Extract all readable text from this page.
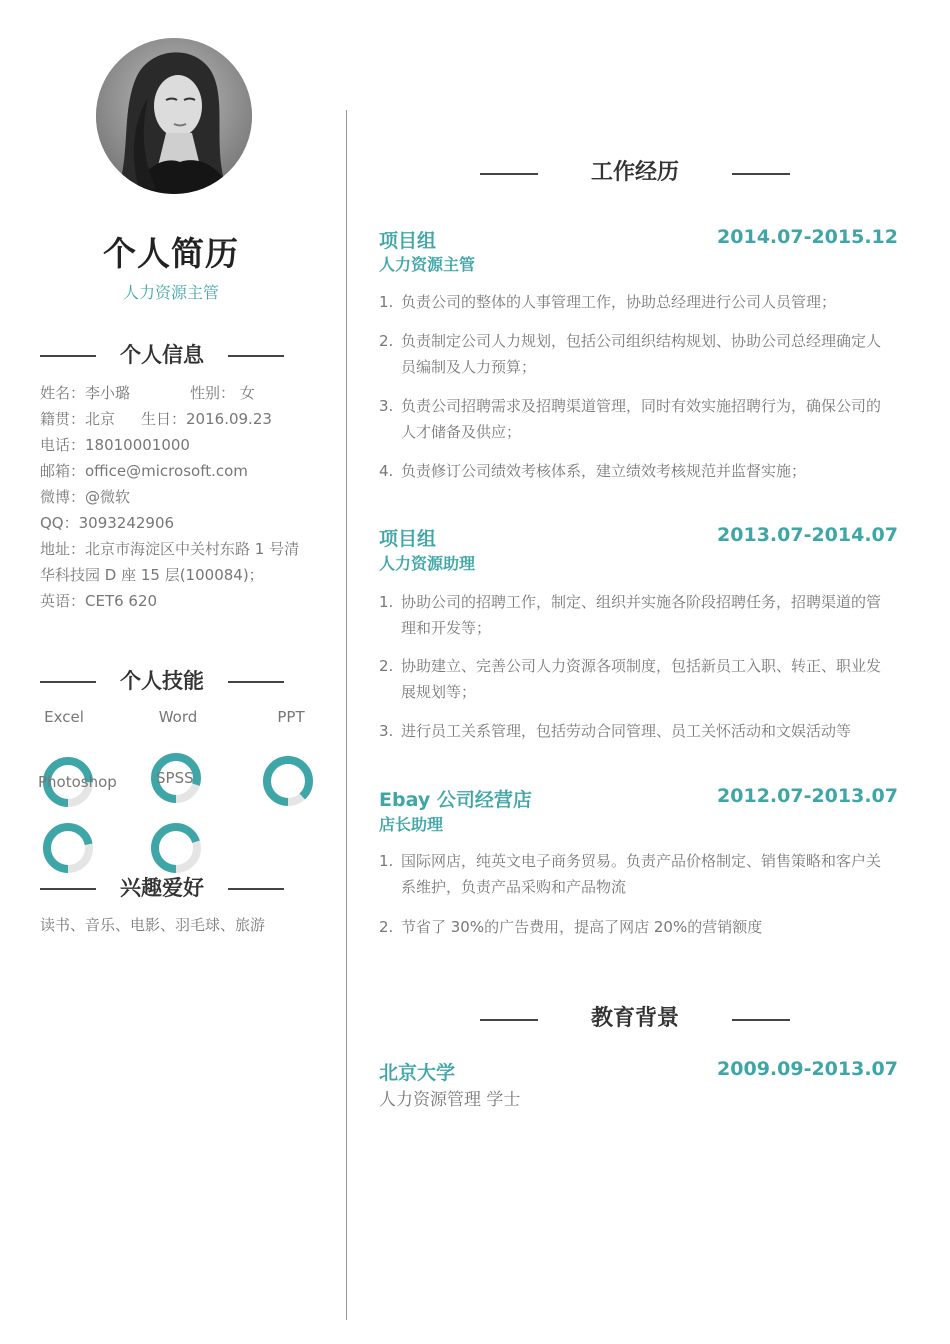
个人简历
人力资源主管
个人信息
姓名：李小璐	性别： 女
籍贯：北京 生日：2016.09.23
电话：18010001000
邮箱：office@microsoft.com
微博：@微软
QQ：3093242906
地址：北京市海淀区中关村东路 1 号清
华科技园 D 座 15 层(100084)；
英语：CET6 620
个人技能
Excel	Word	PPT
Photoshop	SPSS
兴趣爱好
读书、音乐、电影、羽毛球、旅游
工作经历
项目组	2014.07-2015.12
人力资源主管
1. 负责公司的整体的人事管理工作，协助总经理进行公司人员管理；
2. 负责制定公司人力规划，包括公司组织结构规划、协助公司总经理确定人员编制及人力预算；
3. 负责公司招聘需求及招聘渠道管理，同时有效实施招聘行为，确保公司的人才储备及供应；
4. 负责修订公司绩效考核体系，建立绩效考核规范并监督实施；
项目组	2013.07-2014.07
人力资源助理
1. 协助公司的招聘工作，制定、组织并实施各阶段招聘任务，招聘渠道的管理和开发等；
2. 协助建立、完善公司人力资源各项制度，包括新员工入职、转正、职业发展规划等；
3. 进行员工关系管理，包括劳动合同管理、员工关怀活动和文娱活动等
Ebay 公司经营店	2012.07-2013.07
店长助理
1. 国际网店，纯英文电子商务贸易。负责产品价格制定、销售策略和客户关系维护，负责产品采购和产品物流
2. 节省了 30%的广告费用，提高了网店 20%的营销额度
教育背景
北京大学	2009.09-2013.07
人力资源管理 学士
